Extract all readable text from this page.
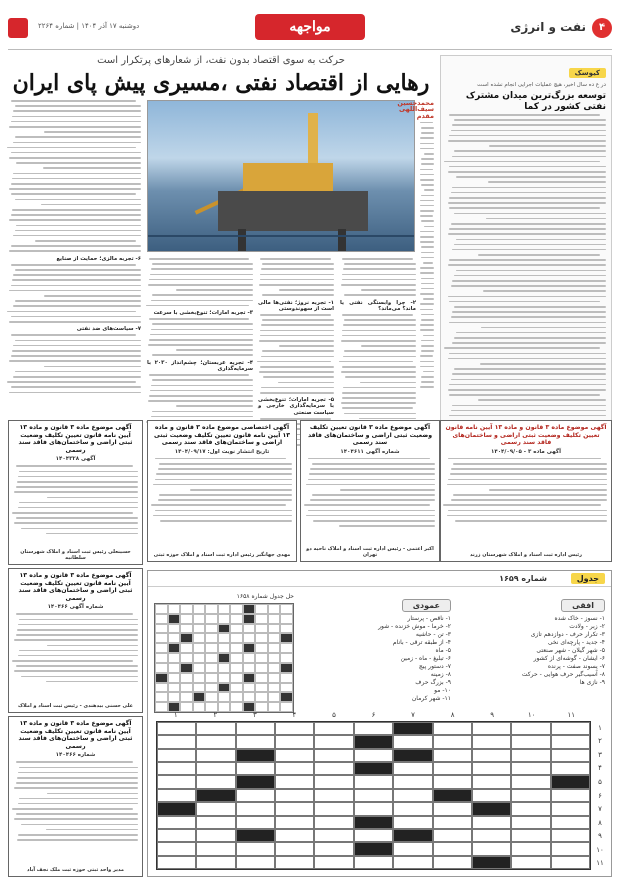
۴
نفت و انرژی
مواجهه
دوشنبه ۱۷ آذر ۱۴۰۴ | شماره ۲۲۶۴
حرکت به سوی اقتصاد بدون نفت، از شعارهای پرتکرار است
رهایی از اقتصاد نفتی ،مسیری پیش پای ایران
محمدحسین سیف‌اللهی مقدم
۲- چرا وابستگی نفتی یا ماند؟ می‌ماند؟
۱- تجربه نروژ؛ نفتی‌ها مالی است از سهوندوستی
۵- تجربه امارات؛ تنوع‌بخشی با سرمایه‌گذاری خارجی و سیاست صنعتی
۳- تجربه امارات؛ تنوع‌بخشی با سرعت
۴- تجربه عربستان؛ چشم‌انداز ۲۰۳۰ با سرمایه‌گذاری
۶- تجربه مالزی؛ حمایت از صنایع
۷- سیاست‌های ضد نفتی
کیوسک
در ع ده سال اخیر، هیچ عملیات اجرایی انجام نشده است
توسعه بزرگ‌ترین میدان مشترک
نفتی کشور در کما
آگهی موضوع ماده ۳ قانون و ماده ۱۳ آیین نامه قانون تعیین تکلیف وضعیت ثبتی اراضی و ساختمان‌های فاقد سند رسمی
آگهی ماده ۳ - ۱۴۰۴/۰۹/۰۵
رئیس اداره ثبت اسناد و املاک شهرستان زرند
آگهی موضوع ماده ۳ قانون تعیین تکلیف وضعیت ثبتی اراضی و ساختمان‌های فاقد سند رسمی
شماره آگهی ۱۴۰۴۶۱۱
اکبر اعتمی - رئیس اداره ثبت اسناد و املاک ناحیه دو تهران
آگهی اختصاصی موضوع ماده ۳ قانون و ماده ۱۳ آیین نامه قانون تعیین تکلیف وضعیت ثبتی اراضی و ساختمان‌های فاقد سند رسمی
تاریخ انتشار نوبت اول: ۱۴۰۴/۰۹/۱۷
مهدی جهانگیر رئیس اداره ثبت اسناد و املاک حوزه ثبتی
آگهی موضوع ماده ۳ قانون و ماده ۱۳ آیین نامه قانون تعیین تکلیف وضعیت ثبتی اراضی و ساختمان‌های فاقد سند رسمی
آگهی ۱۴۰۴۳۲۸
حسینعلی رئیس ثبت اسناد و املاک شهرستان سلطانیه
آگهی موضوع ماده ۳ قانون و ماده ۱۳ آیین نامه قانون تعیین تکلیف وضعیت ثبتی اراضی و ساختمان‌های فاقد سند رسمی
شماره آگهی ۱۴۰۴۶۶
علی حسنی بیدهندی - رئیس ثبت اسناد و املاک
آگهی موضوع ماده ۳ قانون و ماده ۱۳ آیین نامه قانون تعیین تکلیف وضعیت ثبتی اراضی و ساختمان‌های فاقد سند رسمی
شماره ۱۴۰۴۶۶
مدیر واحد ثبتی حوزه ثبت ملک نجف آباد
جدول
شماره ۱۶۵۹
افقی
۱- نسوز - خاک شده
۲- زبر - ولادت
۳- تکرار حرف - دوازدهم تازی
۴- جدید - پارچه‌ای نخی
۵- شهر گیلان - شهر صنعتی
۶- ایشان - گوشه‌ای از کشور
۷- پسوند صفت - پرنده
۸- آسیب‌گیر حرف هوایی - حرکت
۹- نازی ها
عمودی
۱- ناقص - پرستار
۲- خرما - موش خزنده - شور
۳- تن - حاشیه
۴- از طبقه ترقی - بانام
۵- ماه
۶- تبلیغ - ماه - زمین
۷- دستور پیچ
۸- زمینه
۹- بزرگ حرف
۱۰- مو
۱۱- شهر کرمان
حل جدول شماره ۱۶۵۸
۱	۲	۳	۴	۵	۶	۷	۸	۹	۱۰	۱۱
۱
۲
۳
۴
۵
۶
۷
۸
۹
۱۰
۱۱
